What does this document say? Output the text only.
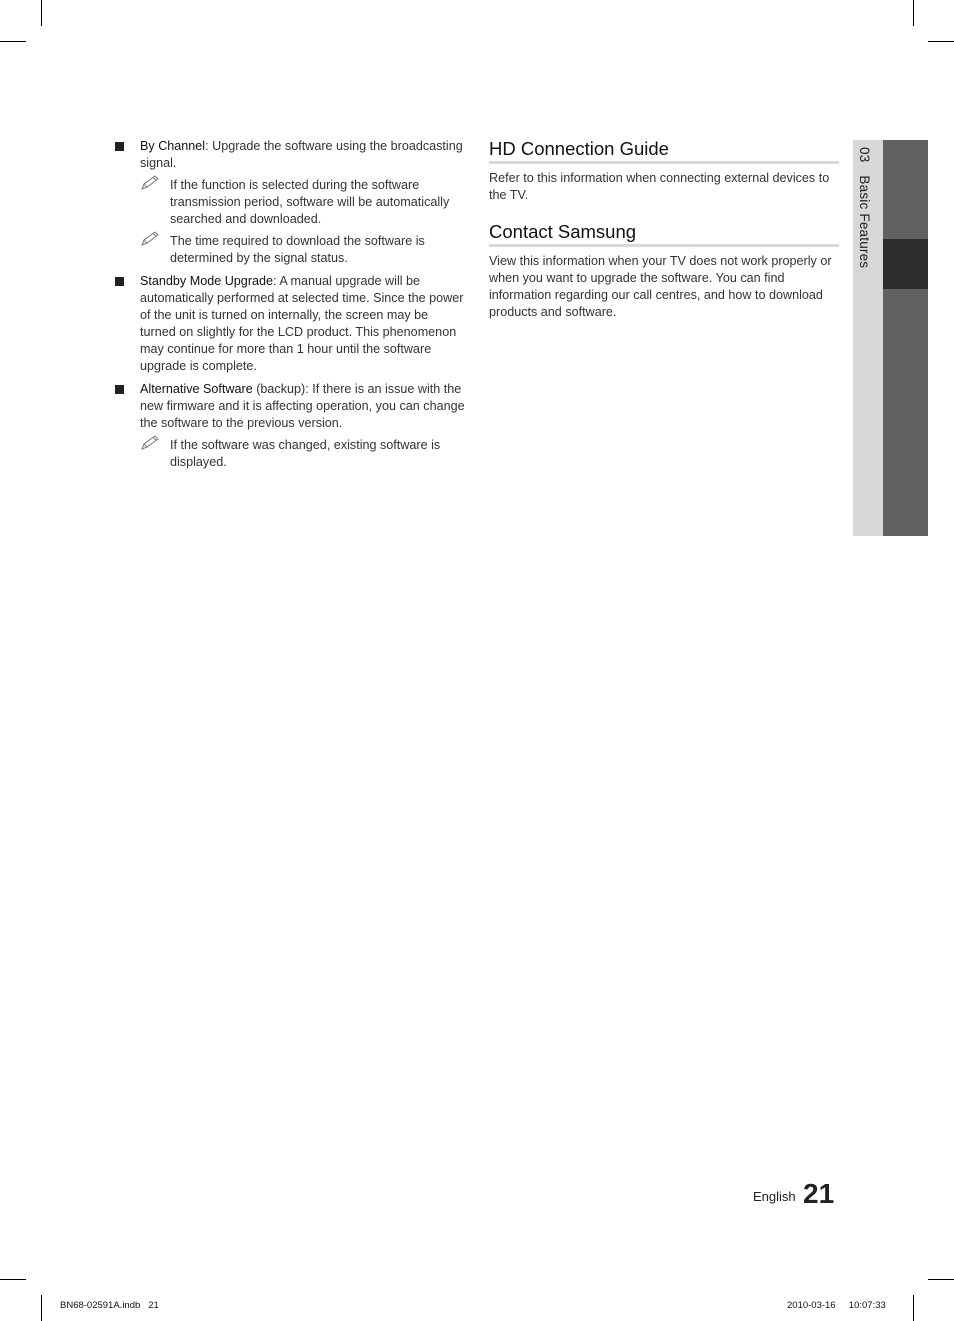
By Channel: Upgrade the software using the broadcasting signal.
If the function is selected during the software transmission period, software will be automatically searched and downloaded.
The time required to download the software is determined by the signal status.
Standby Mode Upgrade: A manual upgrade will be automatically performed at selected time. Since the power of the unit is turned on internally, the screen may be turned on slightly for the LCD product. This phenomenon may continue for more than 1 hour until the software upgrade is complete.
Alternative Software (backup): If there is an issue with the new firmware and it is affecting operation, you can change the software to the previous version.
If the software was changed, existing software is displayed.
HD Connection Guide
Refer to this information when connecting external devices to the TV.
Contact Samsung
View this information when your TV does not work properly or when you want to upgrade the software. You can find information regarding our call centres, and how to download products and software.
03Basic Features
English 21
BN68-02591A.indb   21	2010-03-16     10:07:33
